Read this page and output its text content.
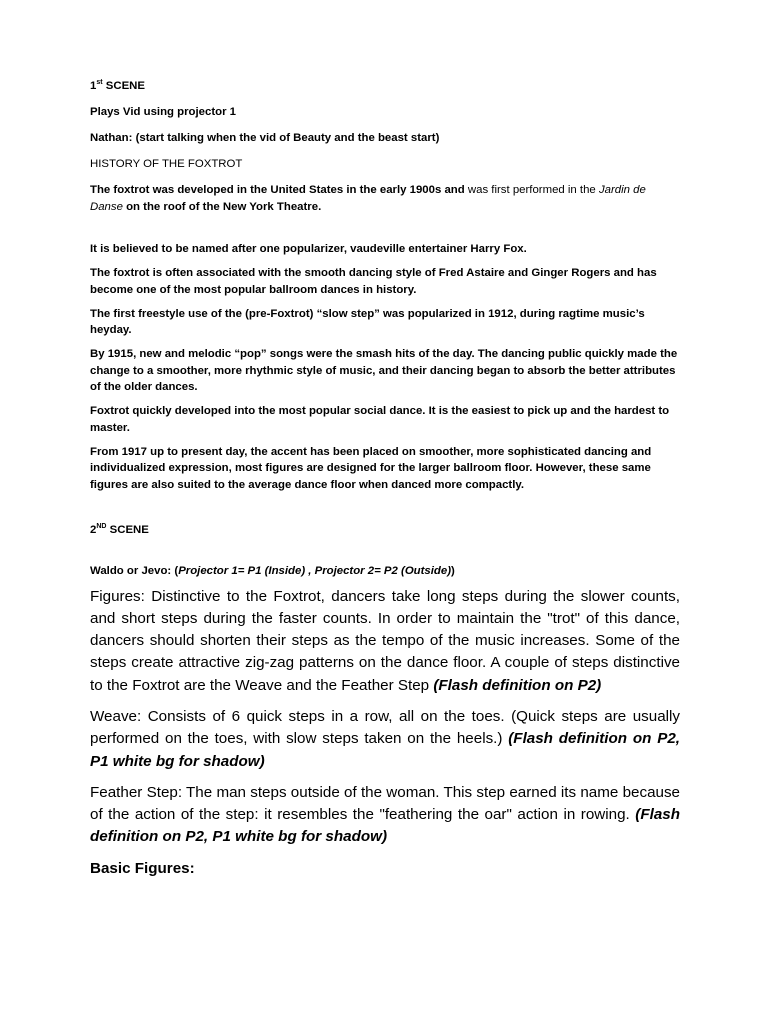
1st SCENE

Plays Vid using projector 1

Nathan: (start talking when the vid of Beauty and the beast start)

HISTORY OF THE FOXTROT

The foxtrot was developed in the United States in the early 1900s and was first performed in the Jardin de Danse on the roof of the New York Theatre.

It is believed to be named after one popularizer, vaudeville entertainer Harry Fox.

The foxtrot is often associated with the smooth dancing style of Fred Astaire and Ginger Rogers and has become one of the most popular ballroom dances in history.

The first freestyle use of the (pre-Foxtrot) “slow step” was popularized in 1912, during ragtime music’s heyday.

By 1915, new and melodic “pop” songs were the smash hits of the day. The dancing public quickly made the change to a smoother, more rhythmic style of music, and their dancing began to absorb the better attributes of the older dances.

Foxtrot quickly developed into the most popular social dance. It is the easiest to pick up and the hardest to master.

From 1917 up to present day, the accent has been placed on smoother, more sophisticated dancing and individualized expression, most figures are designed for the larger ballroom floor. However, these same figures are also suited to the average dance floor when danced more compactly.

2ND SCENE

Waldo or Jevo: (Projector 1= P1 (Inside) , Projector 2= P2 (Outside))

Figures: Distinctive to the Foxtrot, dancers take long steps during the slower counts, and short steps during the faster counts. In order to maintain the "trot" of this dance, dancers should shorten their steps as the tempo of the music increases. Some of the steps create attractive zig-zag patterns on the dance floor. A couple of steps distinctive to the Foxtrot are the Weave and the Feather Step (Flash definition on P2)

Weave: Consists of 6 quick steps in a row, all on the toes. (Quick steps are usually performed on the toes, with slow steps taken on the heels.) (Flash definition on P2, P1 white bg for shadow)

Feather Step: The man steps outside of the woman. This step earned its name because of the action of the step: it resembles the "feathering the oar" action in rowing. (Flash definition on P2, P1 white bg for shadow)

Basic Figures:
